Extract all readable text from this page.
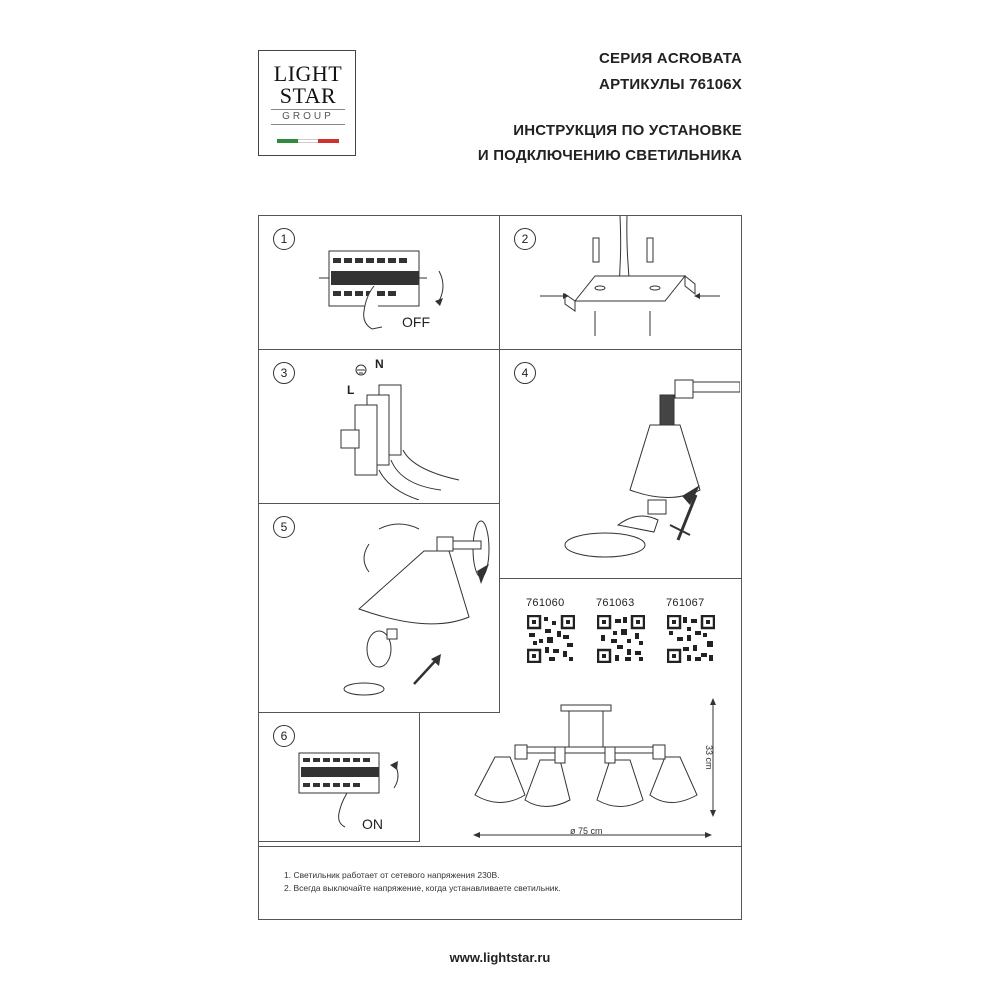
LIGHT
STAR
GROUP
СЕРИЯ ACROBATA
АРТИКУЛЫ 76106X
ИНСТРУКЦИЯ ПО УСТАНОВКЕ
И ПОДКЛЮЧЕНИЮ СВЕТИЛЬНИКА
1
OFF
2
3
N
L
4
5
6
ON
761060	761063	761067
33 cm
ø 75 cm
1. Светильник работает от сетевого напряжения 230В.
2. Всегда выключайте напряжение, когда устанавливаете светильник.
www.lightstar.ru
